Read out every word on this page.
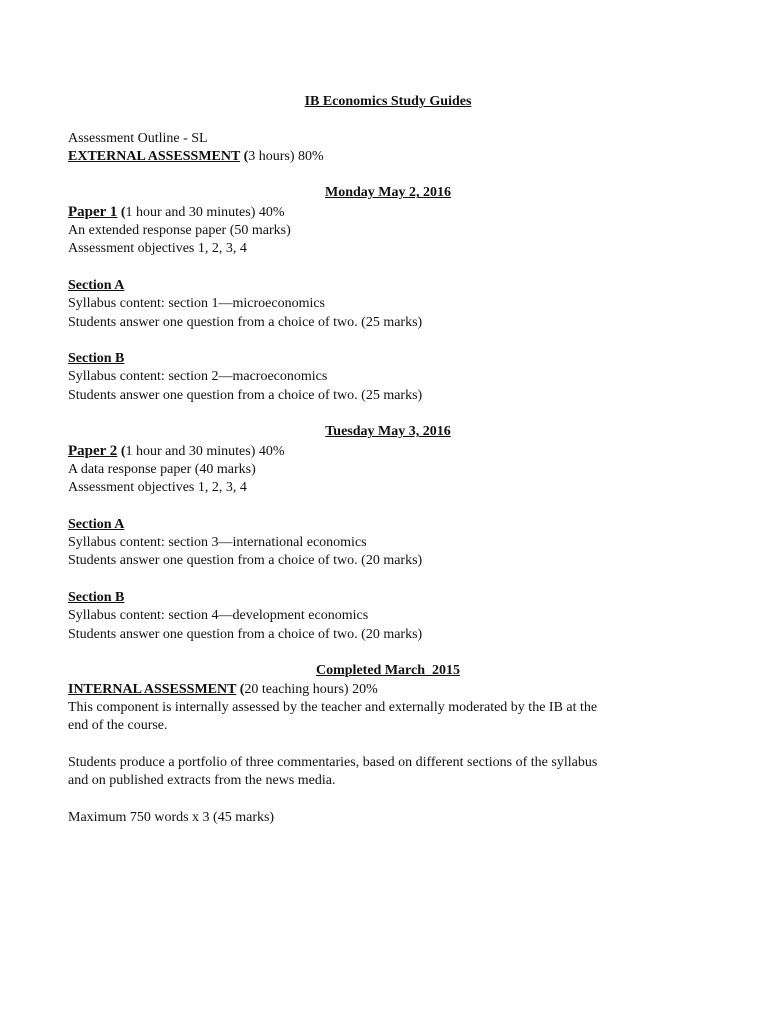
IB Economics Study Guides
Assessment Outline - SL
EXTERNAL ASSESSMENT (3 hours) 80%
Monday May 2, 2016
Paper 1 (1 hour and 30 minutes) 40%
An extended response paper (50 marks)
Assessment objectives 1, 2, 3, 4
Section A
Syllabus content: section 1—microeconomics
Students answer one question from a choice of two. (25 marks)
Section B
Syllabus content: section 2—macroeconomics
Students answer one question from a choice of two. (25 marks)
Tuesday May 3, 2016
Paper 2 (1 hour and 30 minutes) 40%
A data response paper (40 marks)
Assessment objectives 1, 2, 3, 4
Section A
Syllabus content: section 3—international economics
Students answer one question from a choice of two. (20 marks)
Section B
Syllabus content: section 4—development economics
Students answer one question from a choice of two. (20 marks)
Completed March  2015
INTERNAL ASSESSMENT (20 teaching hours) 20%
This component is internally assessed by the teacher and externally moderated by the IB at the
end of the course.
Students produce a portfolio of three commentaries, based on different sections of the syllabus
and on published extracts from the news media.
Maximum 750 words x 3 (45 marks)
